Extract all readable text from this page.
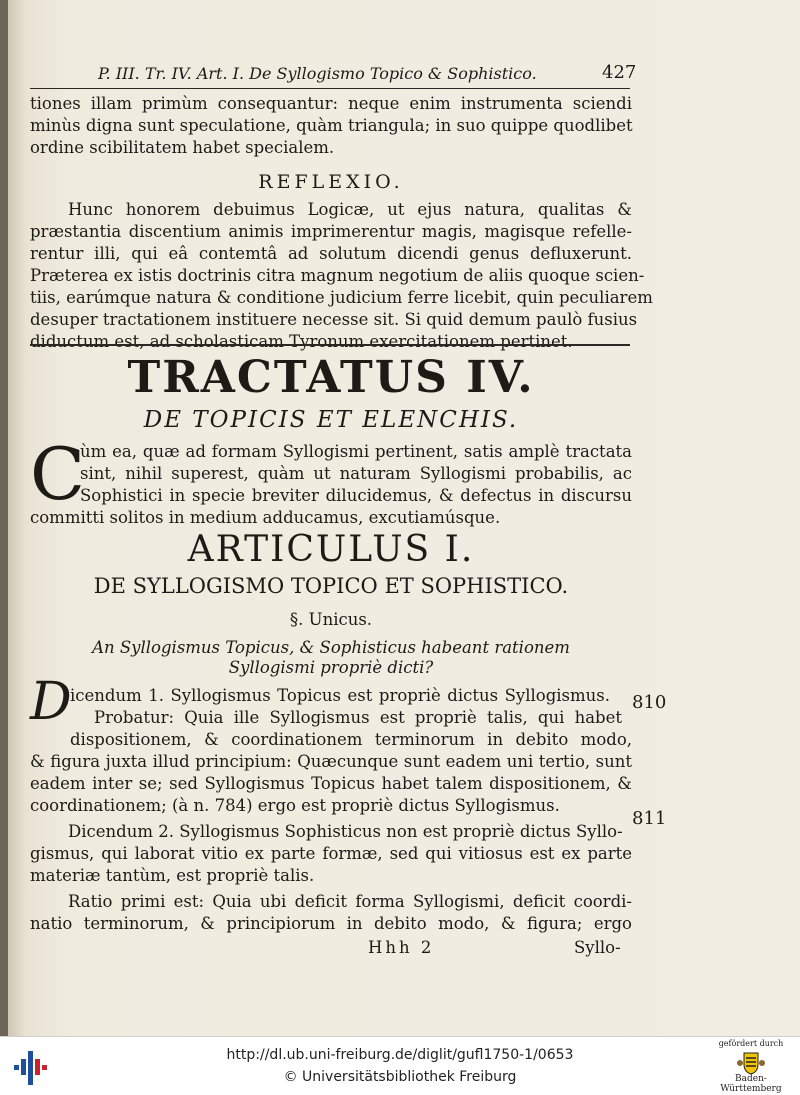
P. III. Tr. IV. Art. I. De Syllogismo Topico & Sophistico.	427
tiones illam primùm consequantur: neque enim instrumenta sciendi
minùs digna sunt speculatione, quàm triangula; in suo quippe quodlibet
ordine scibilitatem habet specialem.
REFLEXIO.
Hunc honorem debuimus Logicæ, ut ejus natura, qualitas &
præstantia discentium animis imprimerentur magis, magisque refelle-
rentur illi, qui eâ contemtâ ad solutum dicendi genus defluxerunt.
Præterea ex istis doctrinis citra magnum negotium de aliis quoque scien-
tiis, earúmque natura & conditione judicium ferre licebit, quin peculiarem
desuper tractationem instituere necesse sit. Si quid demum paulò fusius
diductum est, ad scholasticam Tyronum exercitationem pertinet.
TRACTATUS IV.
DE TOPICIS ET ELENCHIS.
C
ùm ea, quæ ad formam Syllogismi pertinent, satis amplè tractata
sint, nihil superest, quàm ut naturam Syllogismi probabilis, ac
Sophistici in specie breviter dilucidemus, & defectus in discursu
committi solitos in medium adducamus, excutiamúsque.
ARTICULUS I.
DE SYLLOGISMO TOPICO ET SOPHISTICO.
§. Unicus.
An Syllogismus Topicus, & Sophisticus habeant rationem
Syllogismi propriè dicti?
D
icendum 1. Syllogismus Topicus est propriè dictus Syllogismus.
Probatur: Quia ille Syllogismus est propriè talis, qui habet
dispositionem, & coordinationem terminorum in debito modo,
& figura juxta illud principium: Quæcunque sunt eadem uni tertio, sunt
eadem inter se; sed Syllogismus Topicus habet talem dispositionem, &
coordinationem; (à n. 784) ergo est propriè dictus Syllogismus.
Dicendum 2. Syllogismus Sophisticus non est propriè dictus Syllo-
gismus, qui laborat vitio ex parte formæ, sed qui vitiosus est ex parte
materiæ tantùm, est propriè talis.
Ratio primi est: Quia ubi deficit forma Syllogismi, deficit coordi-
natio terminorum, & principiorum in debito modo, & figura; ergo
Hhh 2	Syllo-
810
811
http://dl.ub.uni-freiburg.de/diglit/gufl1750-1/0653
© Universitätsbibliothek Freiburg
gefördert durch
Baden-Württemberg
